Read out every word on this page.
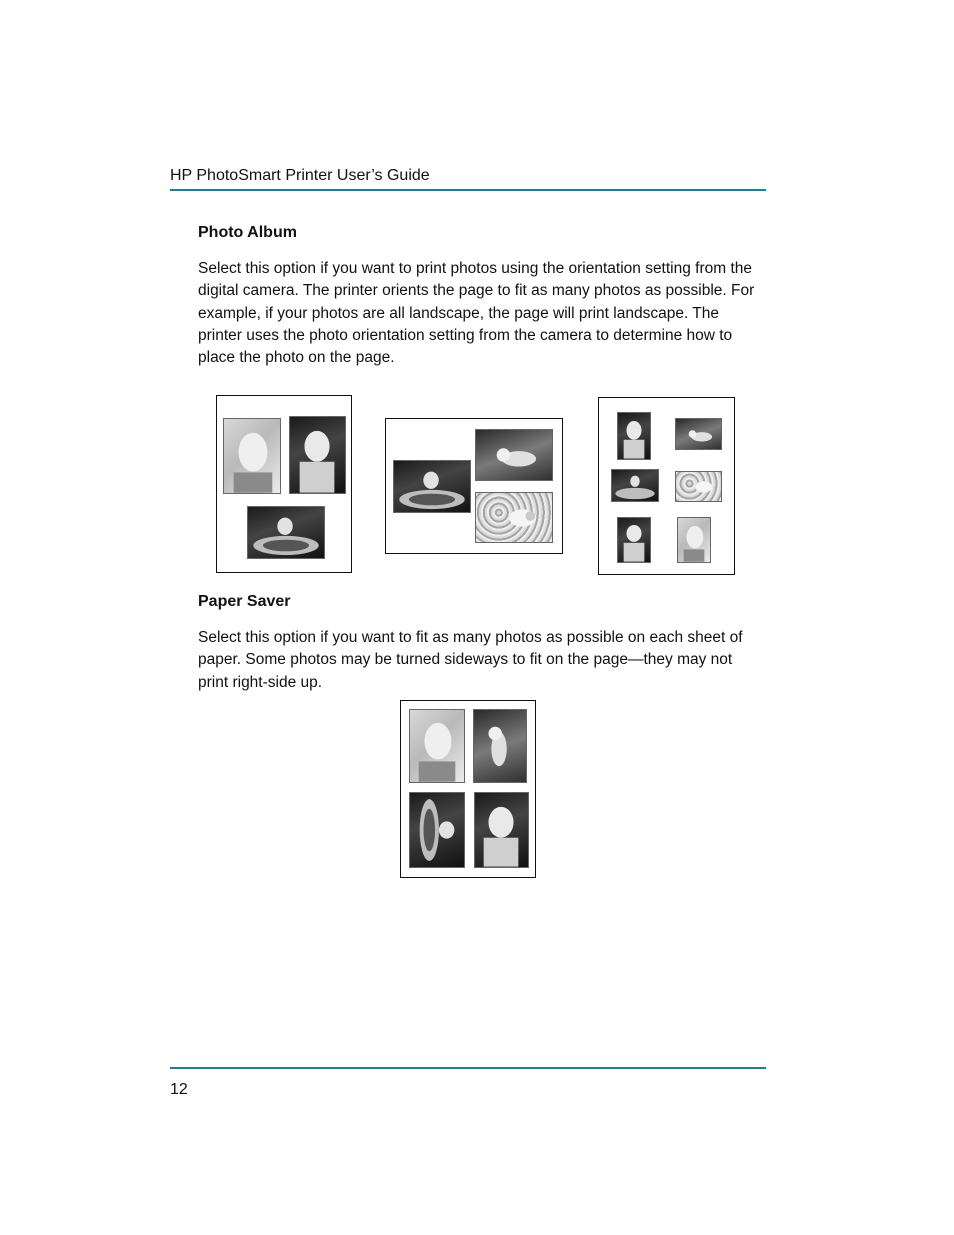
HP PhotoSmart Printer User’s Guide
Photo Album
Select this option if you want to print photos using the orientation setting from the digital camera. The printer orients the page to fit as many photos as possible. For example, if your photos are all landscape, the page will print landscape. The printer uses the photo orientation setting from the camera to determine how to place the photo on the page.
Paper Saver
Select this option if you want to fit as many photos as possible on each sheet of paper. Some photos may be turned sideways to fit on the page—they may not print right-side up.
12
